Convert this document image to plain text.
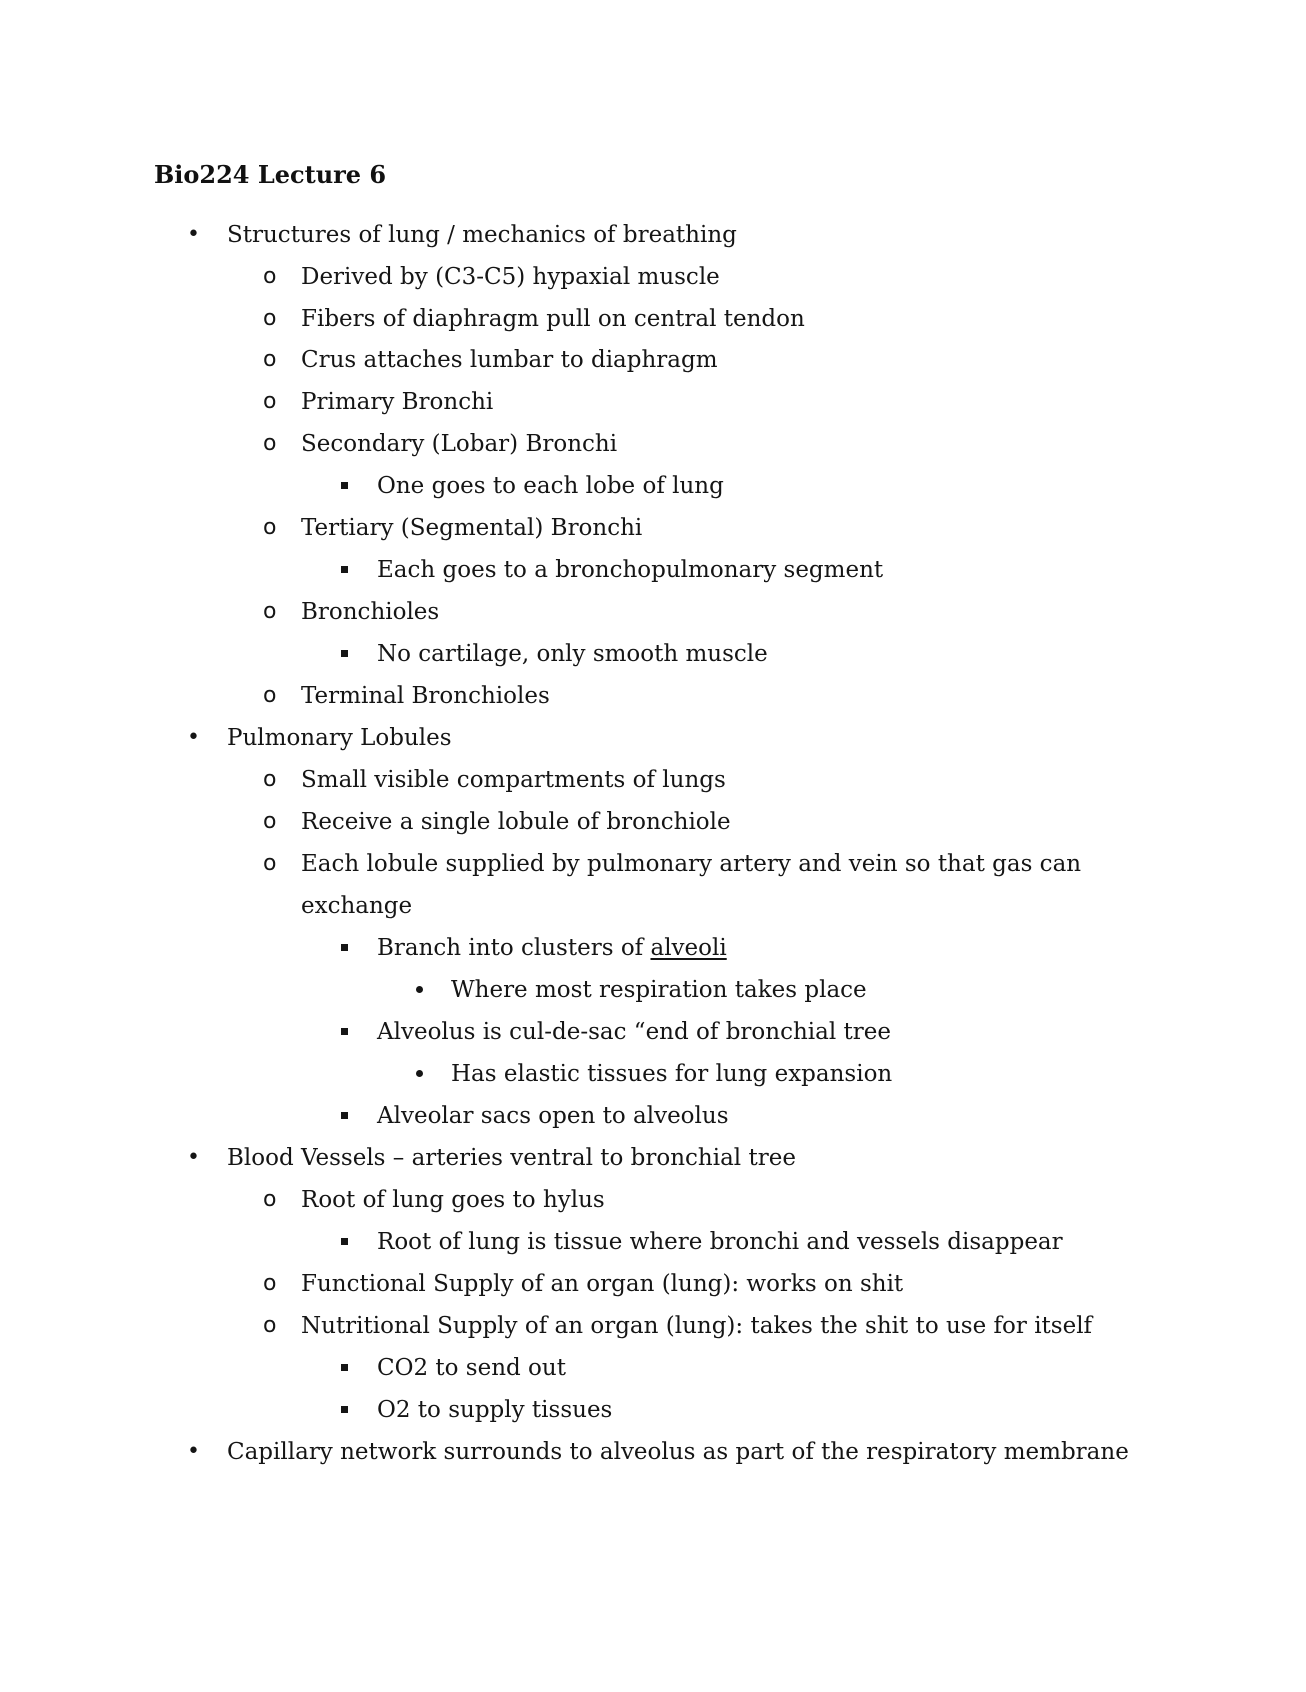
Bio224 Lecture 6
• Structures of lung / mechanics of breathing
o Derived by (C3-C5) hypaxial muscle
o Fibers of diaphragm pull on central tendon
o Crus attaches lumbar to diaphragm
o Primary Bronchi
o Secondary (Lobar) Bronchi
One goes to each lobe of lung
o Tertiary (Segmental) Bronchi
Each goes to a bronchopulmonary segment
o Bronchioles
No cartilage, only smooth muscle
o Terminal Bronchioles
• Pulmonary Lobules
o Small visible compartments of lungs
o Receive a single lobule of bronchiole
o Each lobule supplied by pulmonary artery and vein so that gas can
exchange
Branch into clusters of alveoli
Where most respiration takes place
Alveolus is cul-de-sac “end of bronchial tree
Has elastic tissues for lung expansion
Alveolar sacs open to alveolus
• Blood Vessels – arteries ventral to bronchial tree
o Root of lung goes to hylus
Root of lung is tissue where bronchi and vessels disappear
o Functional Supply of an organ (lung): works on shit
o Nutritional Supply of an organ (lung): takes the shit to use for itself
CO2 to send out
O2 to supply tissues
• Capillary network surrounds to alveolus as part of the respiratory membrane
